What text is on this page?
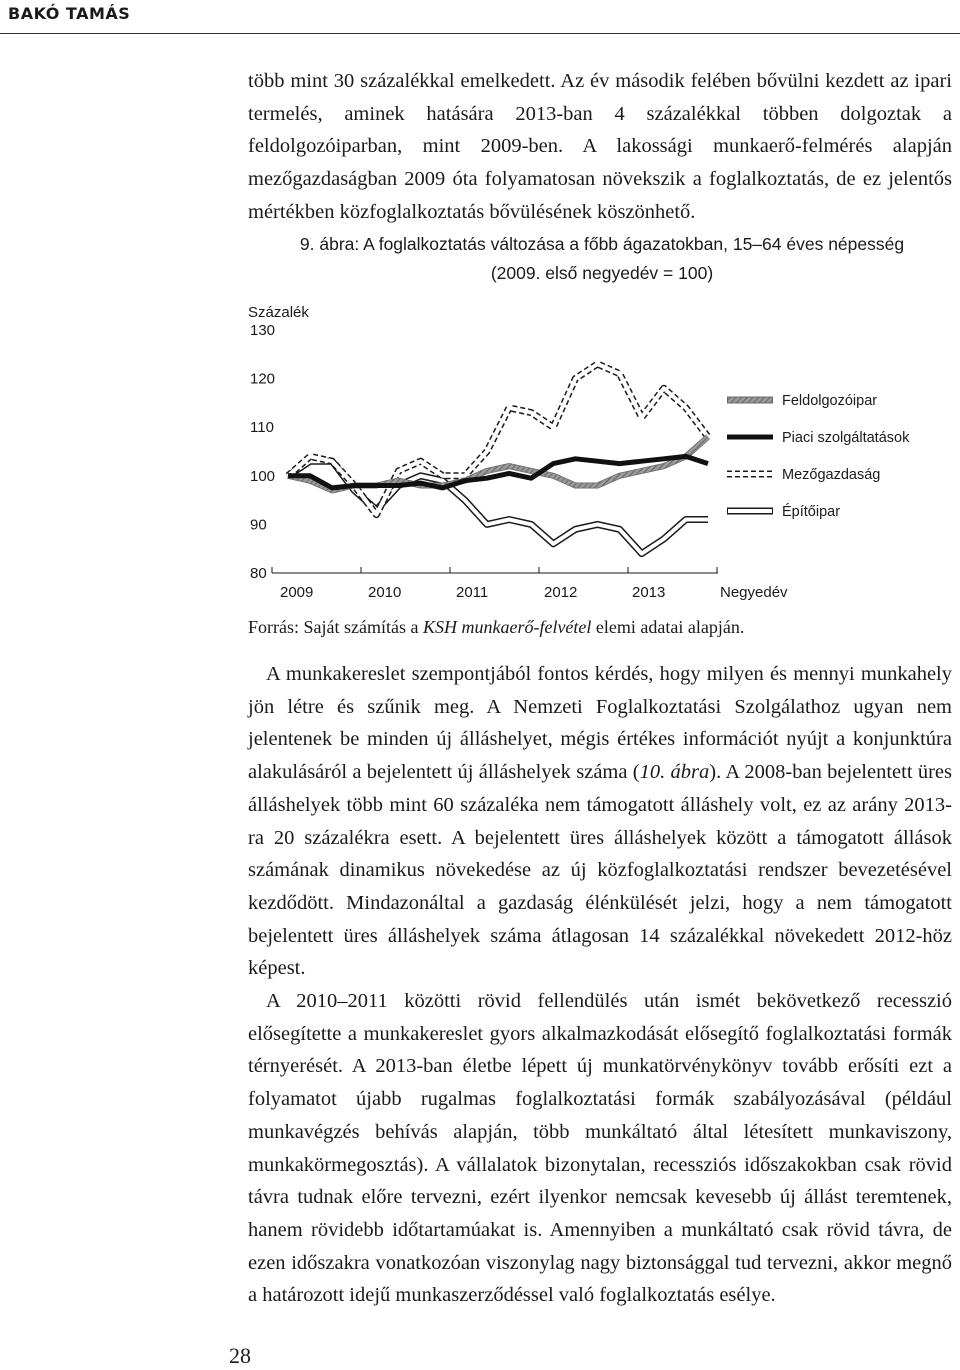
BAKÓ TAMÁS

több mint 30 százalékkal emelkedett. Az év második felében bővülni kezdett az ipari termelés, aminek hatására 2013-ban 4 százalékkal többen dolgoztak a feldolgozóiparban, mint 2009-ben. A lakossági munkaerő-felmérés alapján mezőgazdaságban 2009 óta folyamatosan növekszik a foglalkoztatás, de ez jelentős mértékben közfoglalkoztatás bővülésének köszönhető.

9. ábra: A foglalkoztatás változása a főbb ágazatokban, 15–64 éves népesség
(2009. első negyedév = 100)
Százalék
130
120
110
100
90
80
2009	2010	2011	2012	2013	Negyedév
Feldolgozóipar
Piaci szolgáltatások
Mezőgazdaság
Építőipar
Forrás: Saját számítás a KSH munkaerő-felvétel elemi adatai alapján.
A munkakereslet szempontjából fontos kérdés, hogy milyen és mennyi munkahely jön létre és szűnik meg. A Nemzeti Foglalkoztatási Szolgálathoz ugyan nem jelentenek be minden új álláshelyet, mégis értékes információt nyújt a konjunktúra alakulásáról a bejelentett új álláshelyek száma (10. ábra). A 2008-ban bejelentett üres álláshelyek több mint 60 százaléka nem támogatott álláshely volt, ez az arány 2013-ra 20 százalékra esett. A bejelentett üres álláshelyek között a támogatott állások számának dinamikus növekedése az új közfoglalkoztatási rendszer bevezetésével kezdődött. Mindazonáltal a gazdaság élénkülését jelzi, hogy a nem támogatott bejelentett üres álláshelyek száma átlagosan 14 százalékkal növekedett 2012-höz képest.
A 2010–2011 közötti rövid fellendülés után ismét bekövetkező recesszió elősegítette a munkakereslet gyors alkalmazkodását elősegítő foglalkoztatási formák térnyerését. A 2013-ban életbe lépett új munkatörvénykönyv tovább erősíti ezt a folyamatot újabb rugalmas foglalkoztatási formák szabályozásával (például munkavégzés behívás alapján, több munkáltató által létesített munkaviszony, munkakörmegosztás). A vállalatok bizonytalan, recessziós időszakokban csak rövid távra tudnak előre tervezni, ezért ilyenkor nemcsak kevesebb új állást teremtenek, hanem rövidebb időtartamúakat is. Amennyiben a munkáltató csak rövid távra, de ezen időszakra vonatkozóan viszonylag nagy biztonsággal tud tervezni, akkor megnő a határozott idejű munkaszerződéssel való foglalkoztatás esélye.
28
